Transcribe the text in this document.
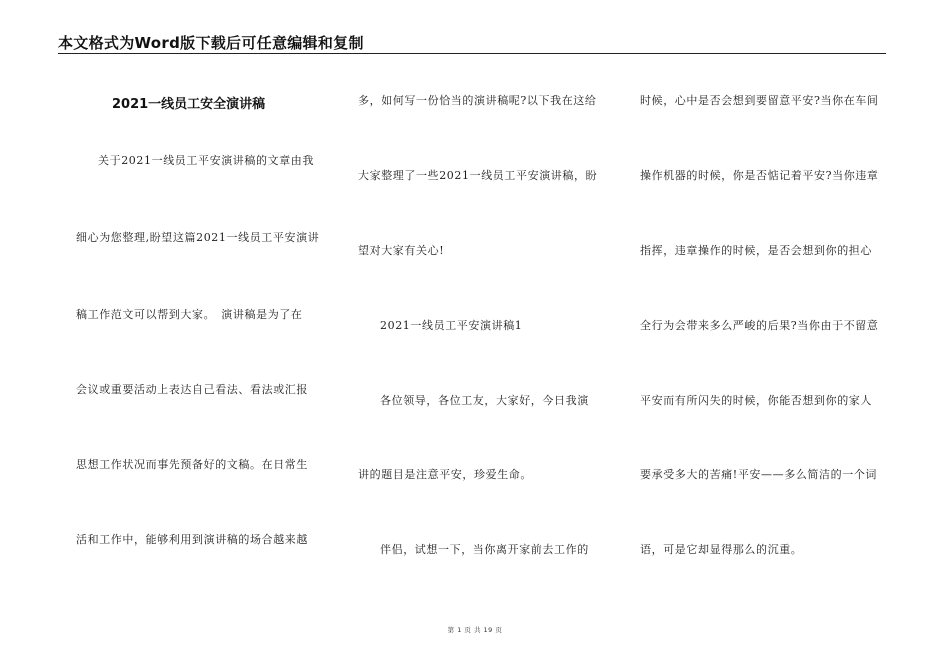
本文格式为Word版下载后可任意编辑和复制
2021一线员工安全演讲稿
关于2021一线员工平安演讲稿的文章由我
细心为您整理,盼望这篇2021一线员工平安演讲
稿工作范文可以帮到大家。　演讲稿是为了在
会议或重要活动上表达自己看法、看法或汇报
思想工作状况而事先预备好的文稿。在日常生
活和工作中，能够利用到演讲稿的场合越来越
多，如何写一份恰当的演讲稿呢?以下我在这给
大家整理了一些2021一线员工平安演讲稿，盼
望对大家有关心!
2021一线员工平安演讲稿1
各位领导，各位工友，大家好，今日我演
讲的题目是注意平安，珍爱生命。
伴侣，试想一下，当你离开家前去工作的
时候，心中是否会想到要留意平安?当你在车间
操作机器的时候，你是否惦记着平安?当你违章
指挥，违章操作的时候，是否会想到你的担心
全行为会带来多么严峻的后果?当你由于不留意
平安而有所闪失的时候，你能否想到你的家人
要承受多大的苦痛!平安——多么简洁的一个词
语，可是它却显得那么的沉重。
第 1 页 共 19 页
